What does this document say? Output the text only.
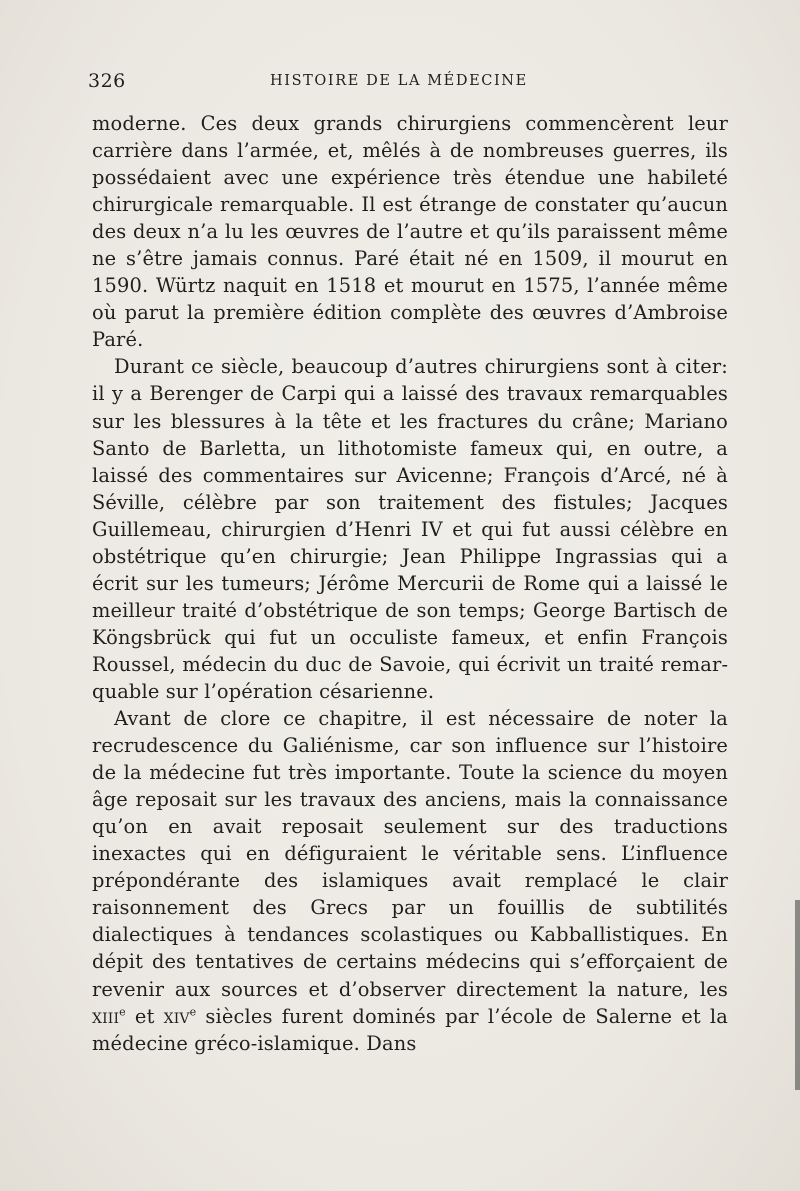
326	HISTOIRE DE LA MÉDECINE

moderne. Ces deux grands chirurgiens commencèrent leur carrière dans l’armée, et, mêlés à de nombreuses guerres, ils possédaient avec une expérience très étendue une habileté chirurgicale remarquable. Il est étrange de constater qu’aucun des deux n’a lu les œuvres de l’autre et qu’ils paraissent même ne s’être jamais connus. Paré était né en 1509, il mourut en 1590. Würtz naquit en 1518 et mourut en 1575, l’année même où parut la première édition complète des œuvres d’Ambroise Paré.

Durant ce siècle, beaucoup d’autres chirurgiens sont à citer: il y a Berenger de Carpi qui a laissé des travaux remarquables sur les blessures à la tête et les fractures du crâne; Mariano Santo de Barletta, un lithotomiste fameux qui, en outre, a laissé des commentaires sur Avicenne; François d’Arcé, né à Séville, célèbre par son traitement des fistules; Jacques Guillemeau, chirurgien d’Henri IV et qui fut aussi célèbre en obstétrique qu’en chirurgie; Jean Philippe Ingrassias qui a écrit sur les tumeurs; Jérôme Mercurii de Rome qui a laissé le meilleur traité d’obstétrique de son temps; George Bartisch de Köngsbrück qui fut un occuliste fameux, et enfin François Roussel, médecin du duc de Savoie, qui écrivit un traité remarquable sur l’opération césarienne.

Avant de clore ce chapitre, il est nécessaire de noter la recrudescence du Galiénisme, car son influence sur l’histoire de la médecine fut très importante. Toute la science du moyen âge reposait sur les travaux des anciens, mais la connaissance qu’on en avait reposait seulement sur des traductions inexactes qui en défiguraient le véritable sens. L’influence prépondérante des islamiques avait remplacé le clair raisonnement des Grecs par un fouillis de subtilités dialectiques à tendances scolastiques ou Kabballistiques. En dépit des tentatives de certains médecins qui s’efforçaient de revenir aux sources et d’observer directement la nature, les xiii$^e$ et xiv$^e$ siècles furent dominés par l’école de Salerne et la médecine gréco-islamique. Dans
